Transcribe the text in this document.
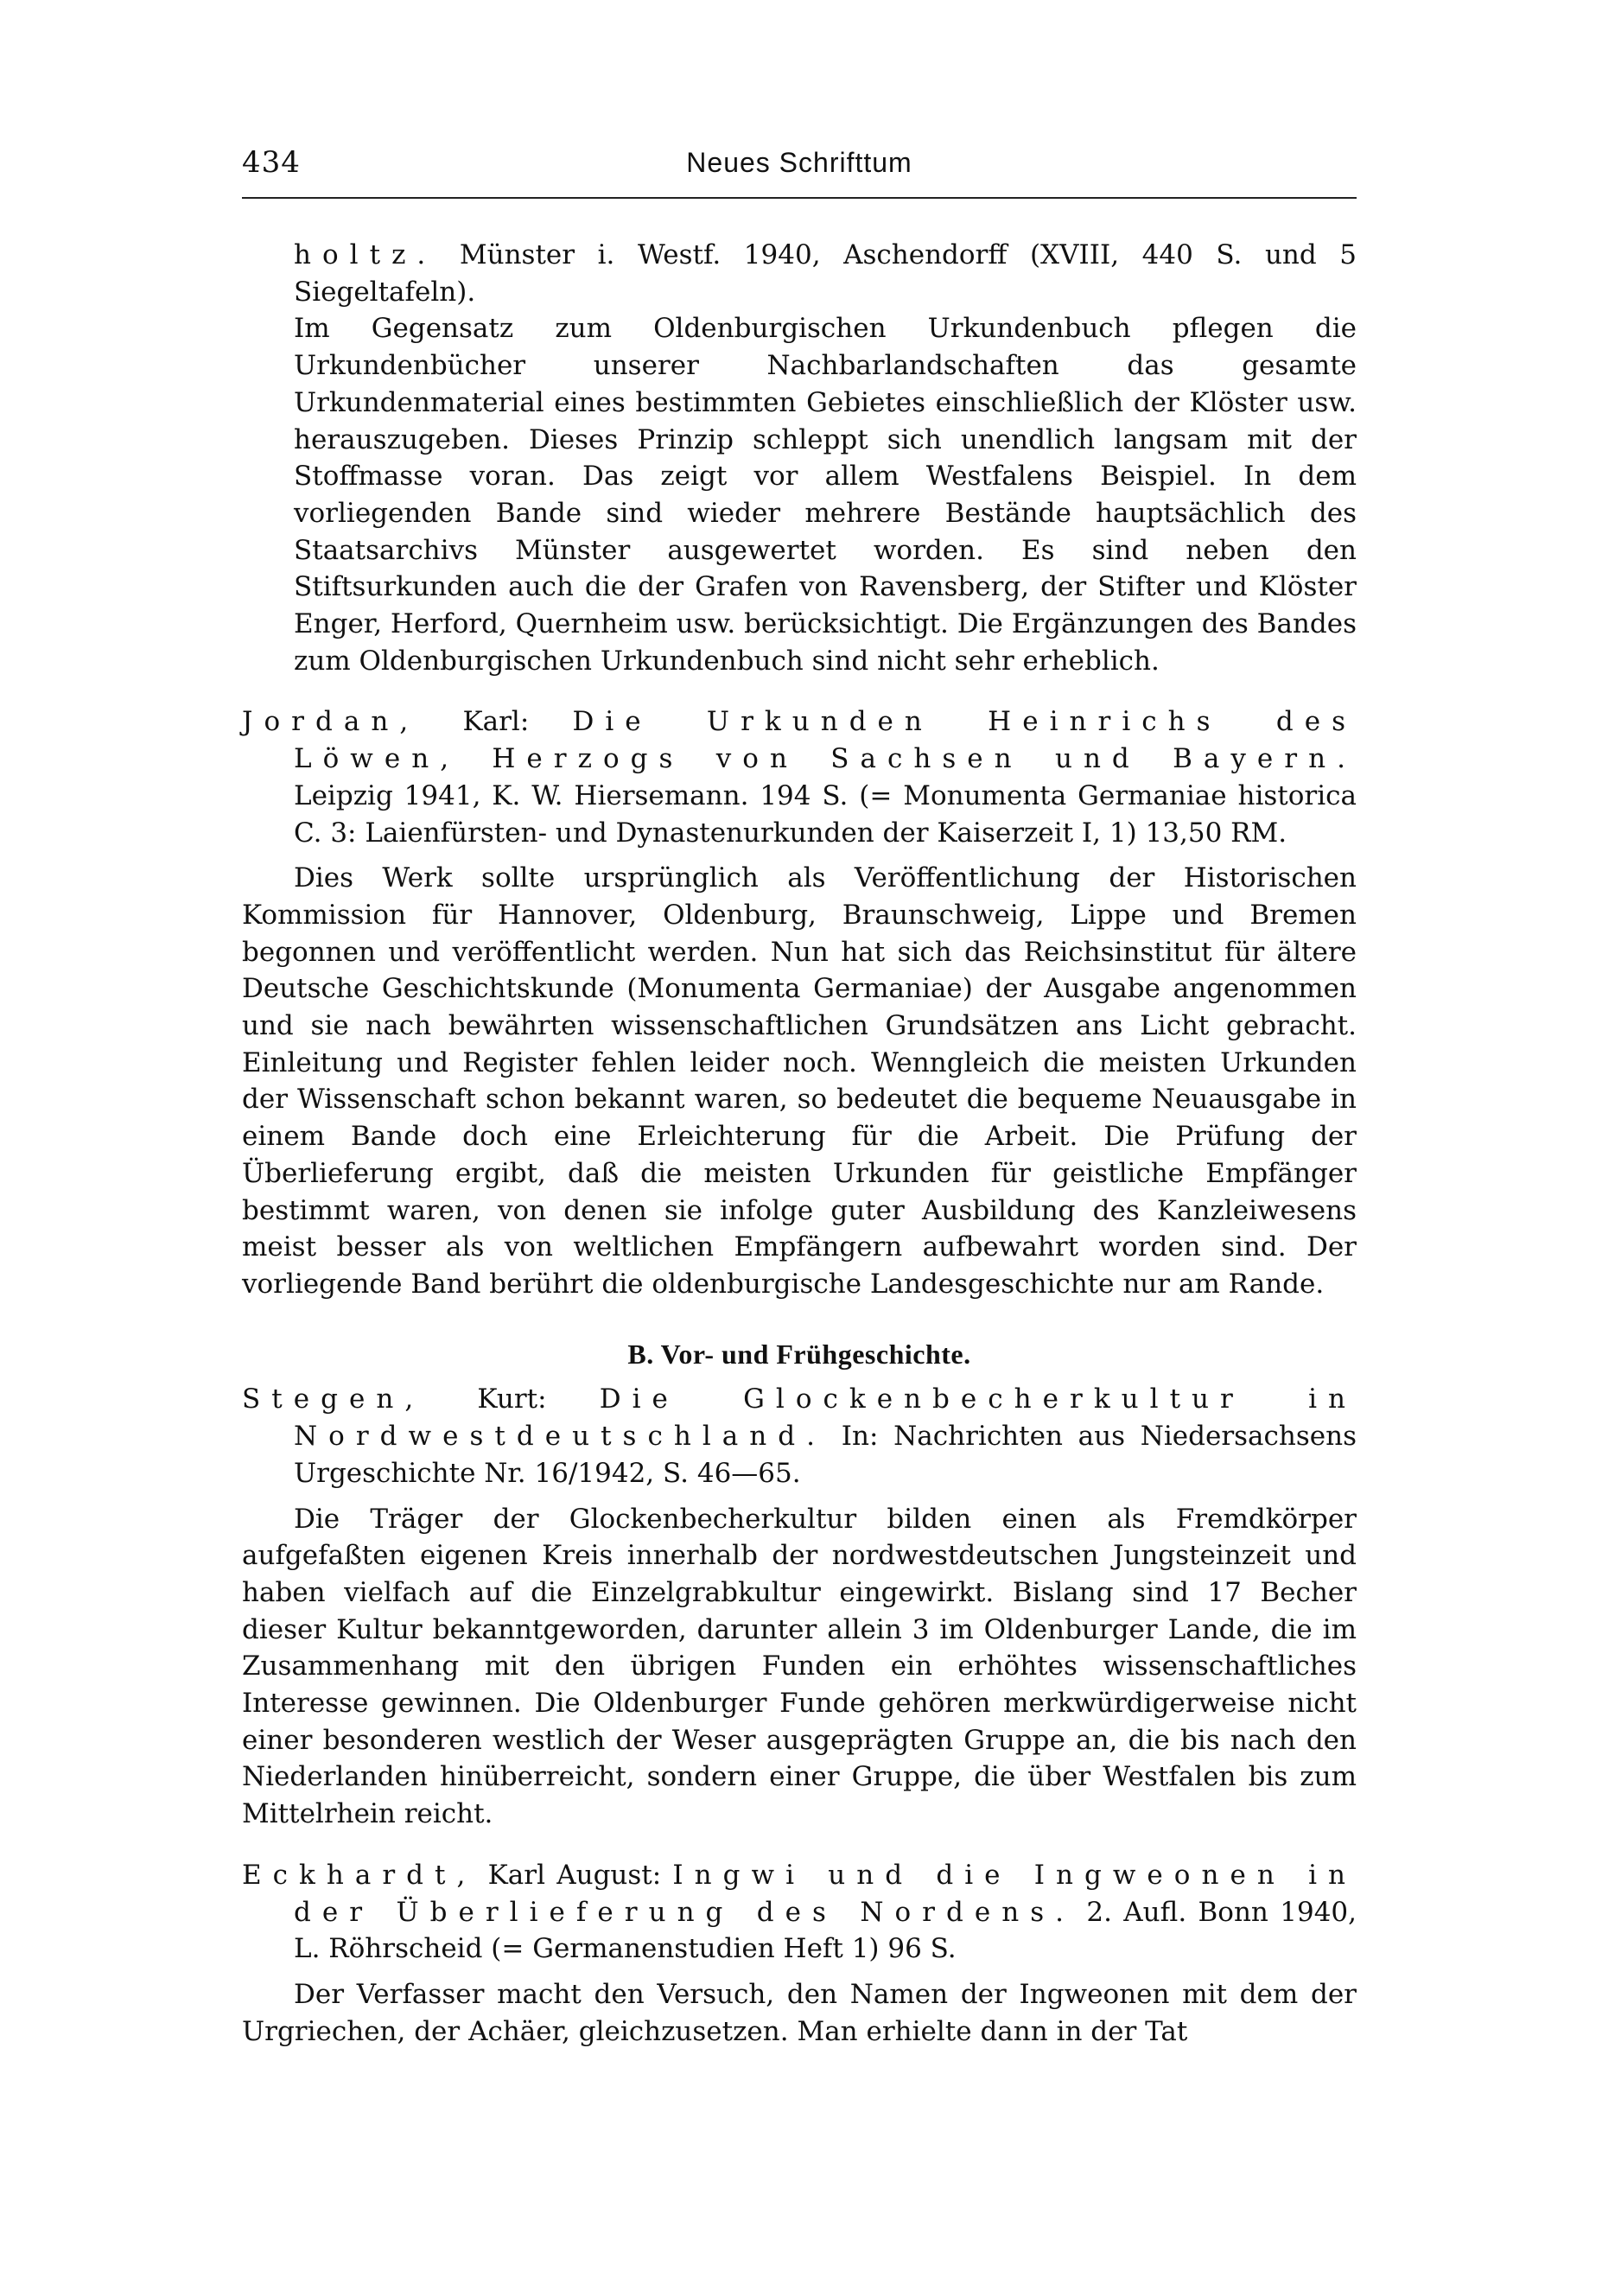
434	Neues Schrifttum

holtz. Münster i. Westf. 1940, Aschendorff (XVIII, 440 S. und 5 Siegeltafeln).

Im Gegensatz zum Oldenburgischen Urkundenbuch pflegen die Urkundenbücher unserer Nachbarlandschaften das gesamte Urkundenmaterial eines bestimmten Gebietes einschließlich der Klöster usw. herauszugeben. Dieses Prinzip schleppt sich unendlich langsam mit der Stoffmasse voran. Das zeigt vor allem Westfalens Beispiel. In dem vorliegenden Bande sind wieder mehrere Bestände hauptsächlich des Staatsarchivs Münster ausgewertet worden. Es sind neben den Stiftsurkunden auch die der Grafen von Ravensberg, der Stifter und Klöster Enger, Herford, Quernheim usw. berücksichtigt. Die Ergänzungen des Bandes zum Oldenburgischen Urkundenbuch sind nicht sehr erheblich.

Jordan, Karl: Die Urkunden Heinrichs des Löwen, Herzogs von Sachsen und Bayern. Leipzig 1941, K. W. Hiersemann. 194 S. (= Monumenta Germaniae historica C. 3: Laienfürsten- und Dynastenurkunden der Kaiserzeit I, 1) 13,50 RM.

Dies Werk sollte ursprünglich als Veröffentlichung der Historischen Kommission für Hannover, Oldenburg, Braunschweig, Lippe und Bremen begonnen und veröffentlicht werden. Nun hat sich das Reichsinstitut für ältere Deutsche Geschichtskunde (Monumenta Germaniae) der Ausgabe angenommen und sie nach bewährten wissenschaftlichen Grundsätzen ans Licht gebracht. Einleitung und Register fehlen leider noch. Wenngleich die meisten Urkunden der Wissenschaft schon bekannt waren, so bedeutet die bequeme Neuausgabe in einem Bande doch eine Erleichterung für die Arbeit. Die Prüfung der Überlieferung ergibt, daß die meisten Urkunden für geistliche Empfänger bestimmt waren, von denen sie infolge guter Ausbildung des Kanzleiwesens meist besser als von weltlichen Empfängern aufbewahrt worden sind. Der vorliegende Band berührt die oldenburgische Landesgeschichte nur am Rande.

B. Vor- und Frühgeschichte.

Stegen, Kurt: Die Glockenbecherkultur in Nordwestdeutschland. In: Nachrichten aus Niedersachsens Urgeschichte Nr. 16/1942, S. 46—65.

Die Träger der Glockenbecherkultur bilden einen als Fremdkörper aufgefaßten eigenen Kreis innerhalb der nordwestdeutschen Jungsteinzeit und haben vielfach auf die Einzelgrabkultur eingewirkt. Bislang sind 17 Becher dieser Kultur bekanntgeworden, darunter allein 3 im Oldenburger Lande, die im Zusammenhang mit den übrigen Funden ein erhöhtes wissenschaftliches Interesse gewinnen. Die Oldenburger Funde gehören merkwürdigerweise nicht einer besonderen westlich der Weser ausgeprägten Gruppe an, die bis nach den Niederlanden hinüberreicht, sondern einer Gruppe, die über Westfalen bis zum Mittelrhein reicht.

Eckhardt, Karl August: Ingwi und die Ingweonen in der Überlieferung des Nordens. 2. Aufl. Bonn 1940, L. Röhrscheid (= Germanenstudien Heft 1) 96 S.

Der Verfasser macht den Versuch, den Namen der Ingweonen mit dem der Urgriechen, der Achäer, gleichzusetzen. Man erhielte dann in der Tat
